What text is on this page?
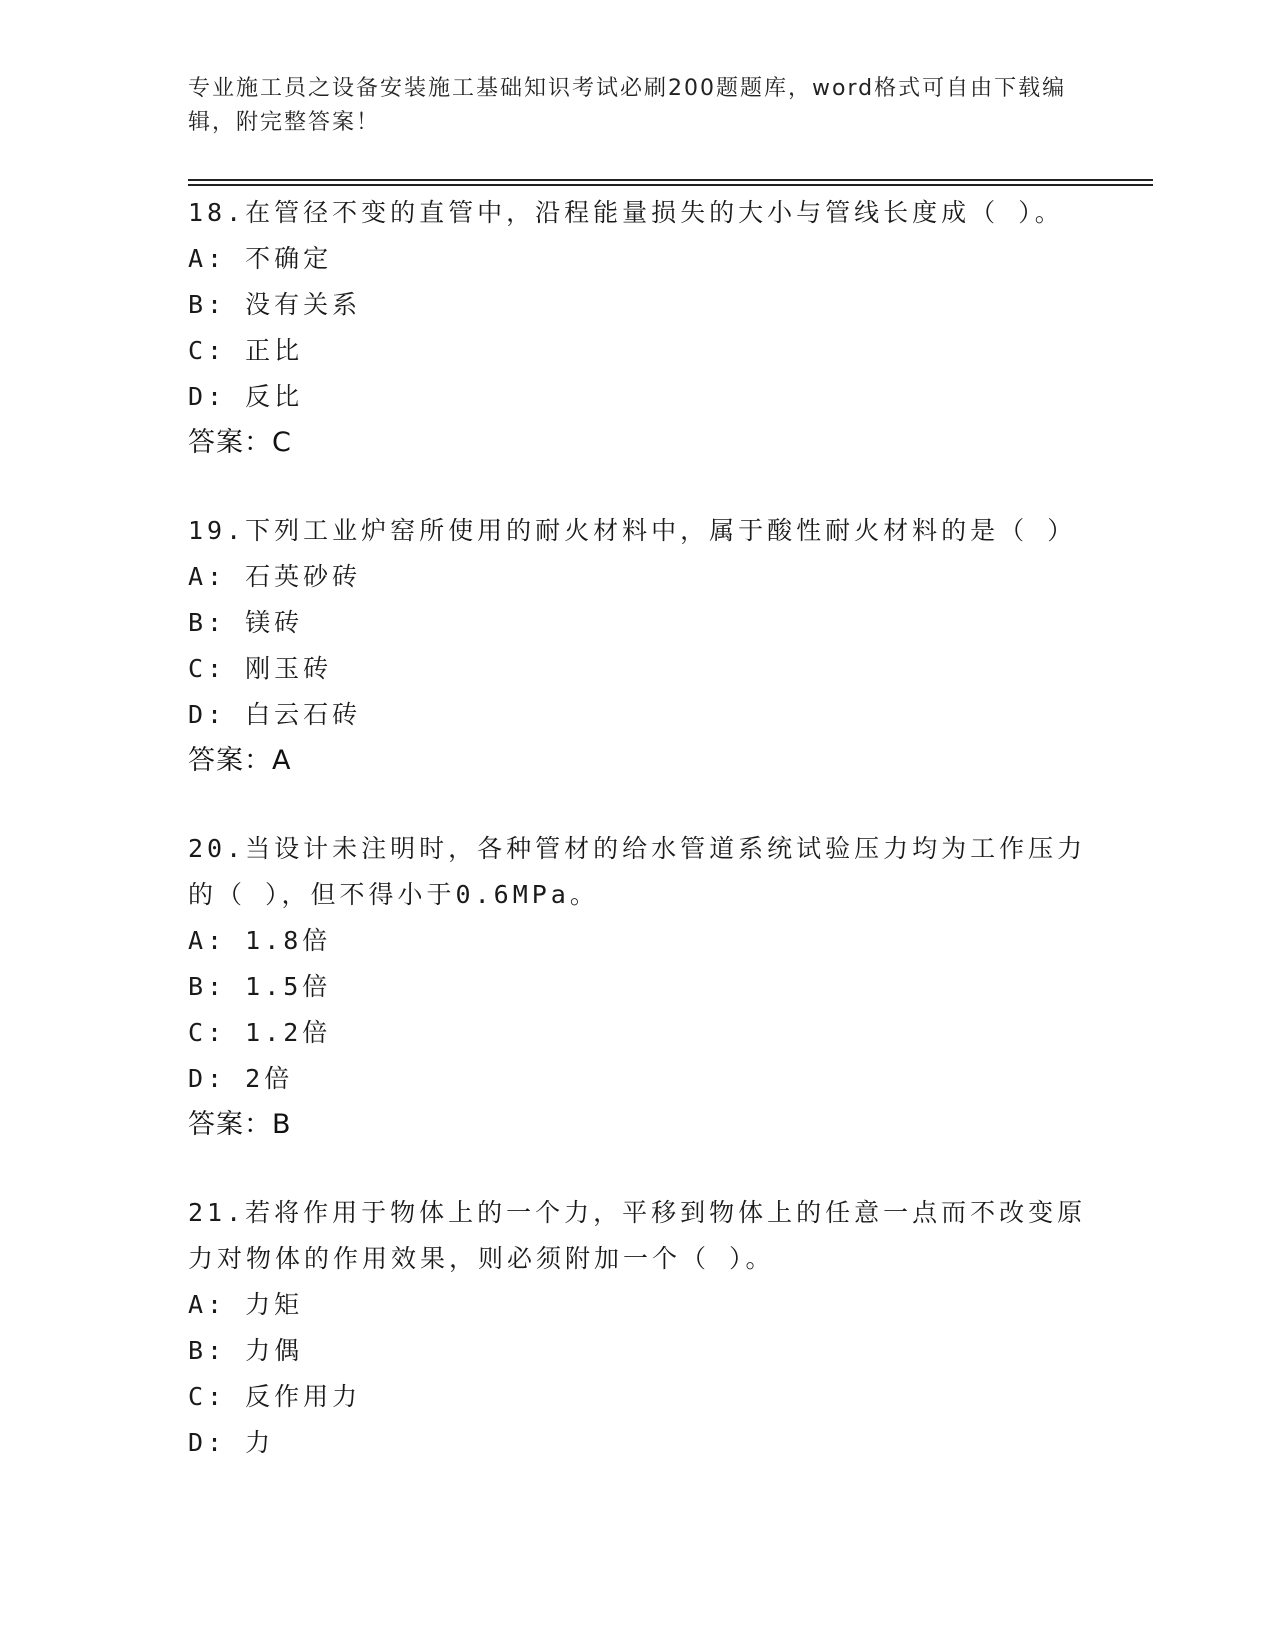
专业施工员之设备安装施工基础知识考试必刷200题题库，word格式可自由下载编辑，附完整答案！
18.在管径不变的直管中，沿程能量损失的大小与管线长度成（ ）。
A: 不确定
B: 没有关系
C: 正比
D: 反比
答案：C
19.下列工业炉窑所使用的耐火材料中，属于酸性耐火材料的是（ ）
A: 石英砂砖
B: 镁砖
C: 刚玉砖
D: 白云石砖
答案：A
20.当设计未注明时，各种管材的给水管道系统试验压力均为工作压力的（ ），但不得小于0.6MPa。
A: 1.8倍
B: 1.5倍
C: 1.2倍
D: 2倍
答案：B
21.若将作用于物体上的一个力，平移到物体上的任意一点而不改变原力对物体的作用效果，则必须附加一个（ ）。
A: 力矩
B: 力偶
C: 反作用力
D: 力
